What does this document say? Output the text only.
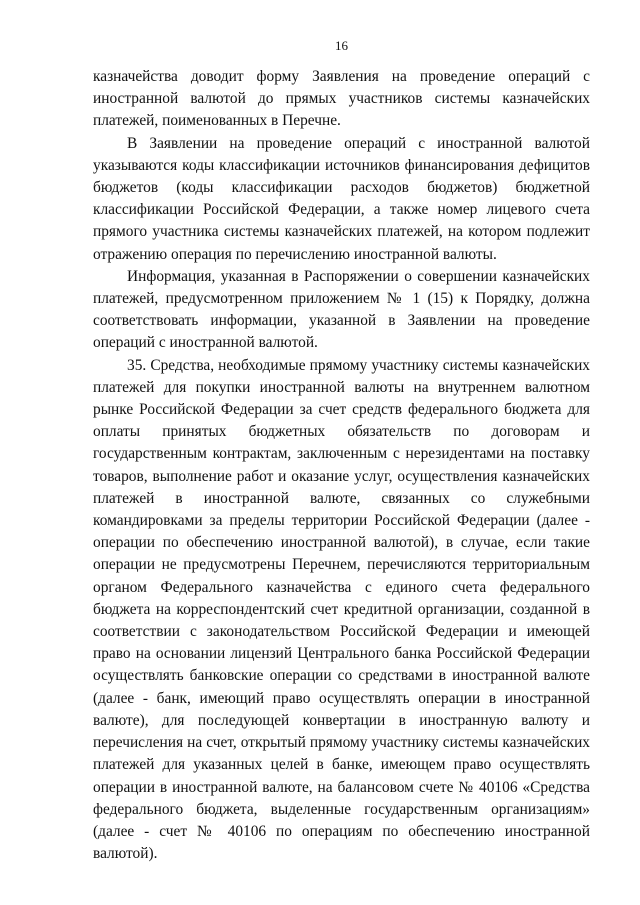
16

казначейства доводит форму Заявления на проведение операций с иностранной валютой до прямых участников системы казначейских платежей, поименованных в Перечне.

В Заявлении на проведение операций с иностранной валютой указываются коды классификации источников финансирования дефицитов бюджетов (коды классификации расходов бюджетов) бюджетной классификации Российской Федерации, а также номер лицевого счета прямого участника системы казначейских платежей, на котором подлежит отражению операция по перечислению иностранной валюты.

Информация, указанная в Распоряжении о совершении казначейских платежей, предусмотренном приложением № 1 (15) к Порядку, должна соответствовать информации, указанной в Заявлении на проведение операций с иностранной валютой.

35. Средства, необходимые прямому участнику системы казначейских платежей для покупки иностранной валюты на внутреннем валютном рынке Российской Федерации за счет средств федерального бюджета для оплаты принятых бюджетных обязательств по договорам и государственным контрактам, заключенным с нерезидентами на поставку товаров, выполнение работ и оказание услуг, осуществления казначейских платежей в иностранной валюте, связанных со служебными командировками за пределы территории Российской Федерации (далее - операции по обеспечению иностранной валютой), в случае, если такие операции не предусмотрены Перечнем, перечисляются территориальным органом Федерального казначейства с единого счета федерального бюджета на корреспондентский счет кредитной организации, созданной в соответствии с законодательством Российской Федерации и имеющей право на основании лицензий Центрального банка Российской Федерации осуществлять банковские операции со средствами в иностранной валюте (далее - банк, имеющий право осуществлять операции в иностранной валюте), для последующей конвертации в иностранную валюту и перечисления на счет, открытый прямому участнику системы казначейских платежей для указанных целей в банке, имеющем право осуществлять операции в иностранной валюте, на балансовом счете № 40106 «Средства федерального бюджета, выделенные государственным организациям» (далее - счет № 40106 по операциям по обеспечению иностранной валютой).
